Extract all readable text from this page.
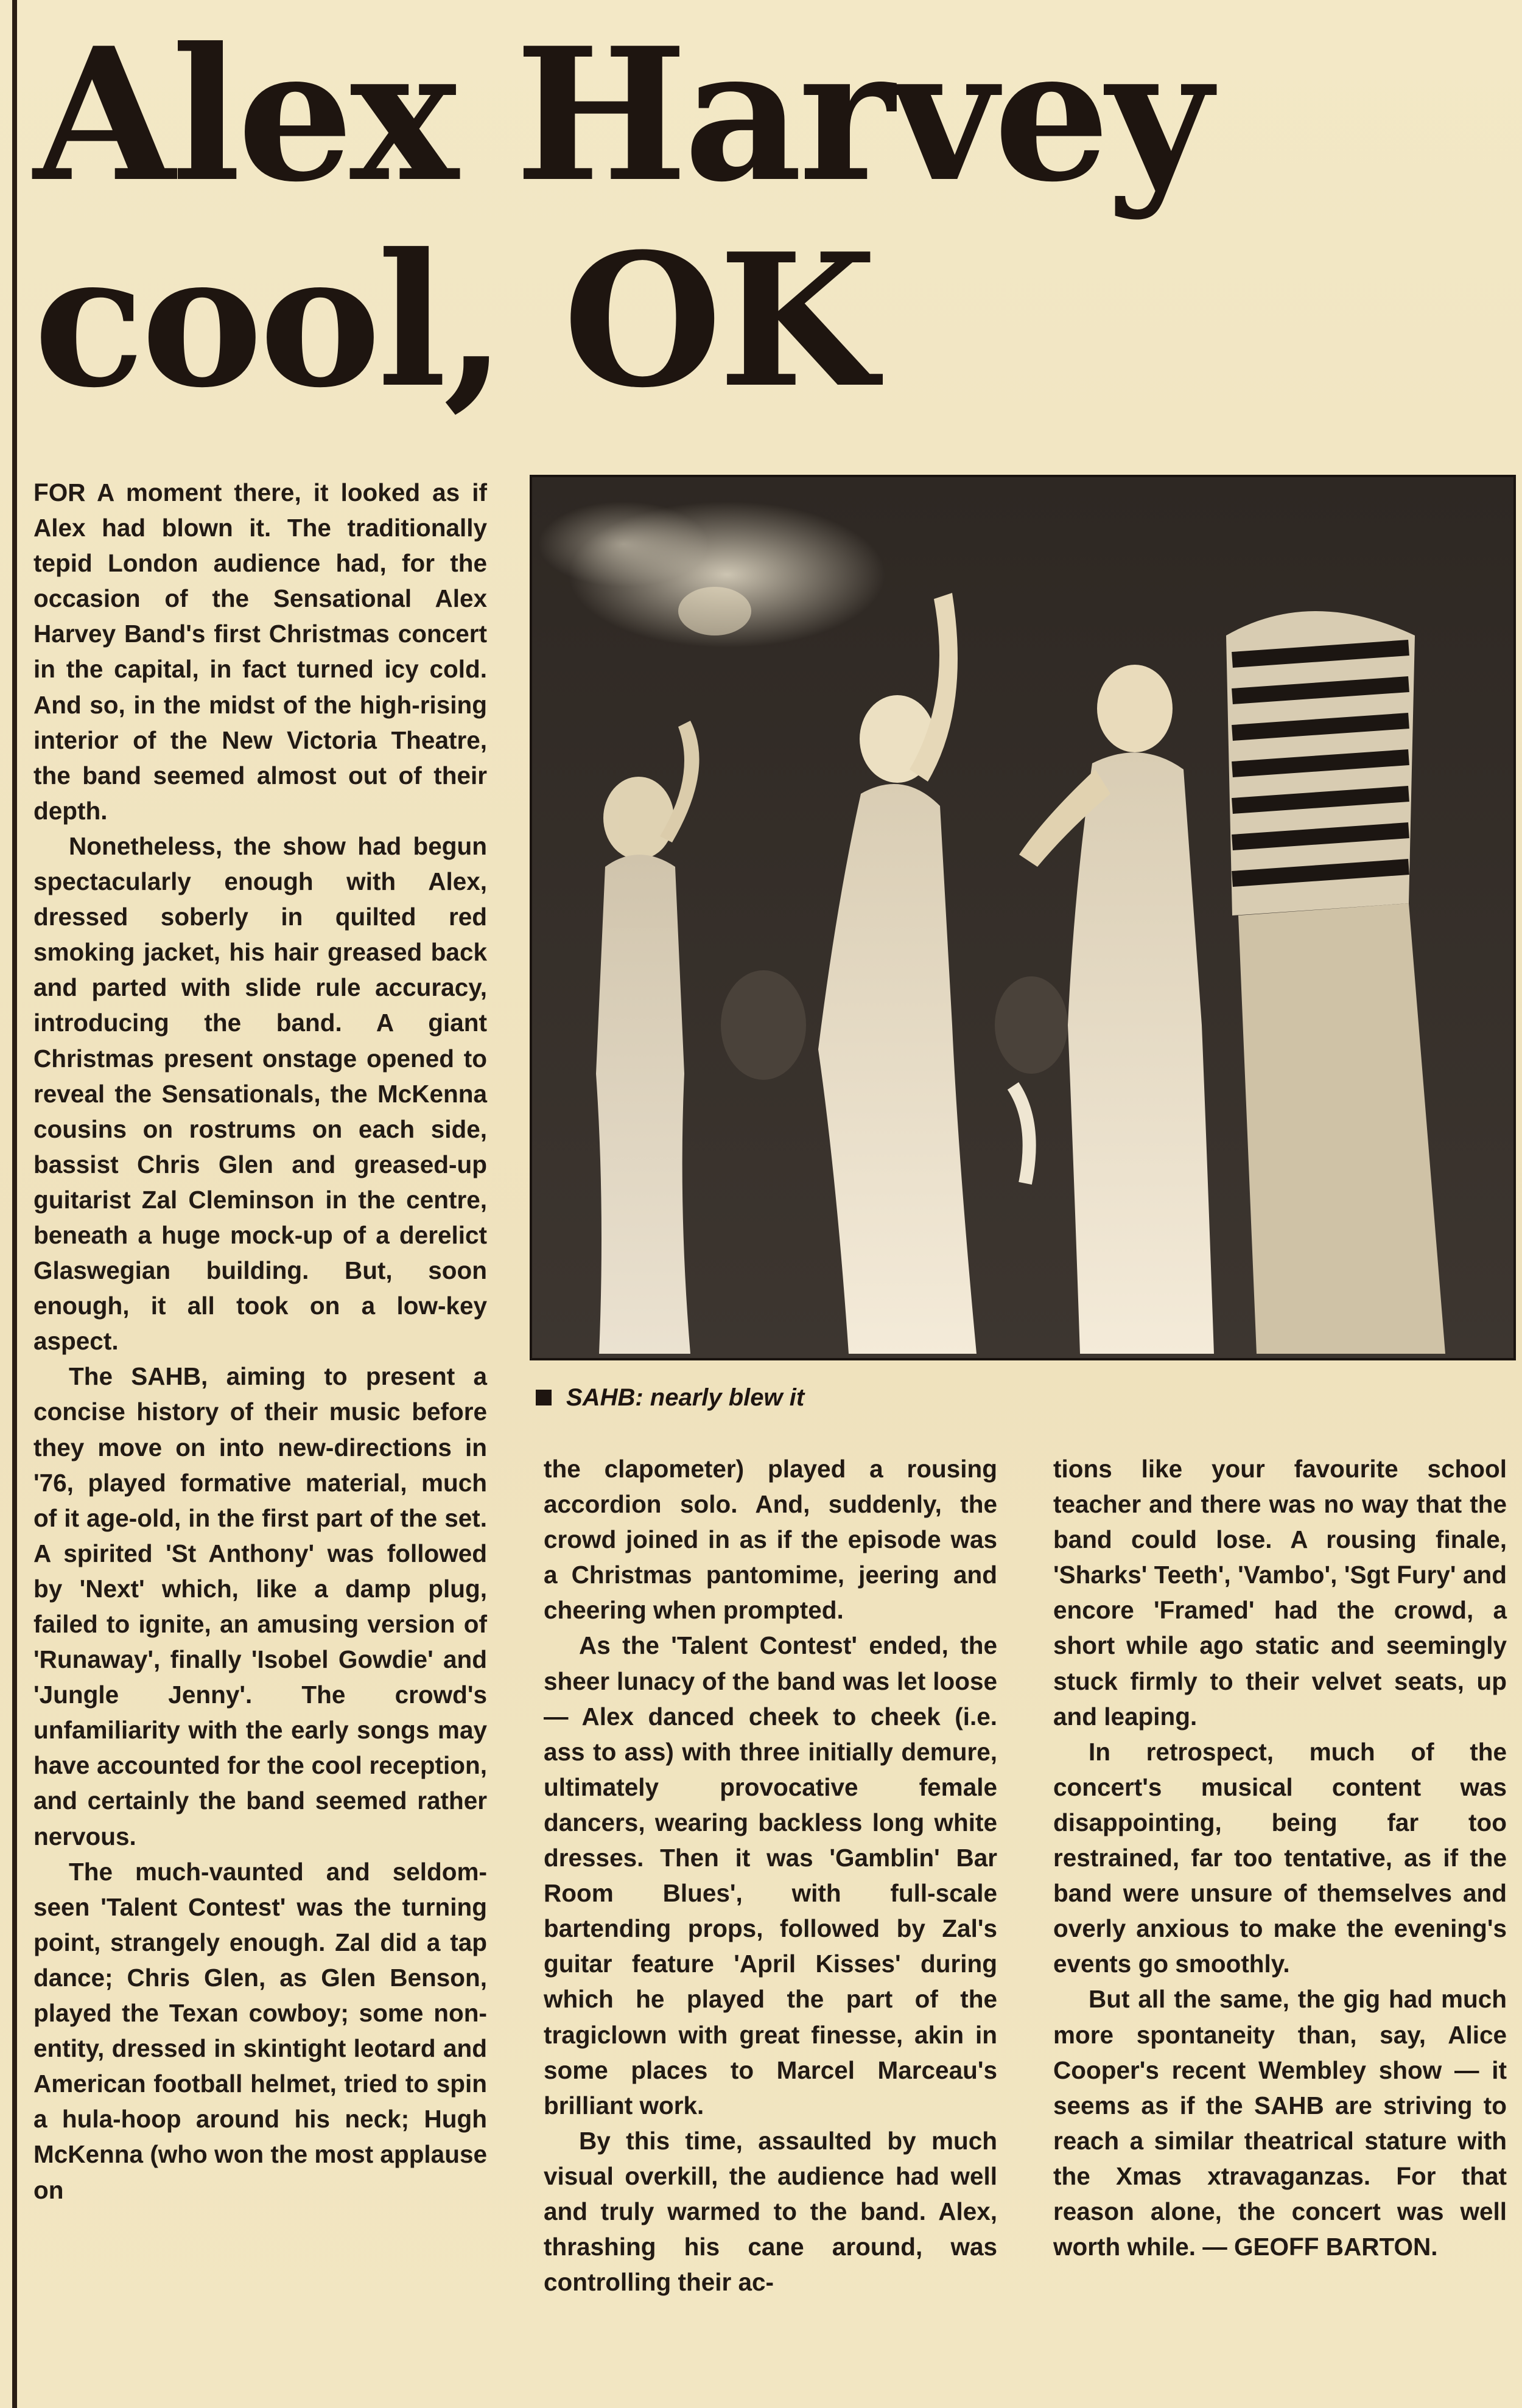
Alex Harvey
cool, OK

FOR A moment there, it looked as if Alex had blown it. The traditionally tepid London audience had, for the occasion of the Sensational Alex Harvey Band's first Christmas concert in the capital, in fact turned icy cold. And so, in the midst of the high-rising interior of the New Victoria Theatre, the band seemed almost out of their depth.

Nonetheless, the show had begun spectacularly enough with Alex, dressed soberly in quilted red smoking jacket, his hair greased back and parted with slide rule accuracy, introducing the band. A giant Christmas present onstage opened to reveal the Sensationals, the McKenna cousins on rostrums on each side, bassist Chris Glen and greased-up guitarist Zal Cleminson in the centre, beneath a huge mock-up of a derelict Glaswegian building. But, soon enough, it all took on a low-key aspect.

The SAHB, aiming to present a concise history of their music before they move on into new-directions in '76, played formative material, much of it age-old, in the first part of the set. A spirited 'St Anthony' was followed by 'Next' which, like a damp plug, failed to ignite, an amusing version of 'Runaway', finally 'Isobel Gowdie' and 'Jungle Jenny'. The crowd's unfamiliarity with the early songs may have accounted for the cool reception, and certainly the band seemed rather nervous.

The much-vaunted and seldom-seen 'Talent Contest' was the turning point, strangely enough. Zal did a tap dance; Chris Glen, as Glen Benson, played the Texan cowboy; some non-entity, dressed in skintight leotard and American football helmet, tried to spin a hula-hoop around his neck; Hugh McKenna (who won the most applause on

SAHB: nearly blew it

the clapometer) played a rousing accordion solo. And, suddenly, the crowd joined in as if the episode was a Christmas pantomime, jeering and cheering when prompted.

As the 'Talent Contest' ended, the sheer lunacy of the band was let loose — Alex danced cheek to cheek (i.e. ass to ass) with three initially demure, ultimately provocative female dancers, wearing backless long white dresses. Then it was 'Gamblin' Bar Room Blues', with full-scale bartending props, followed by Zal's guitar feature 'April Kisses' during which he played the part of the tragiclown with great finesse, akin in some places to Marcel Marceau's brilliant work.

By this time, assaulted by much visual overkill, the audience had well and truly warmed to the band. Alex, thrashing his cane around, was controlling their ac-

tions like your favourite school teacher and there was no way that the band could lose. A rousing finale, 'Sharks' Teeth', 'Vambo', 'Sgt Fury' and encore 'Framed' had the crowd, a short while ago static and seemingly stuck firmly to their velvet seats, up and leaping.

In retrospect, much of the concert's musical content was disappointing, being far too restrained, far too tentative, as if the band were unsure of themselves and overly anxious to make the evening's events go smoothly.

But all the same, the gig had much more spontaneity than, say, Alice Cooper's recent Wembley show — it seems as if the SAHB are striving to reach a similar theatrical stature with the Xmas xtravaganzas. For that reason alone, the concert was well worth while. — GEOFF BARTON.
